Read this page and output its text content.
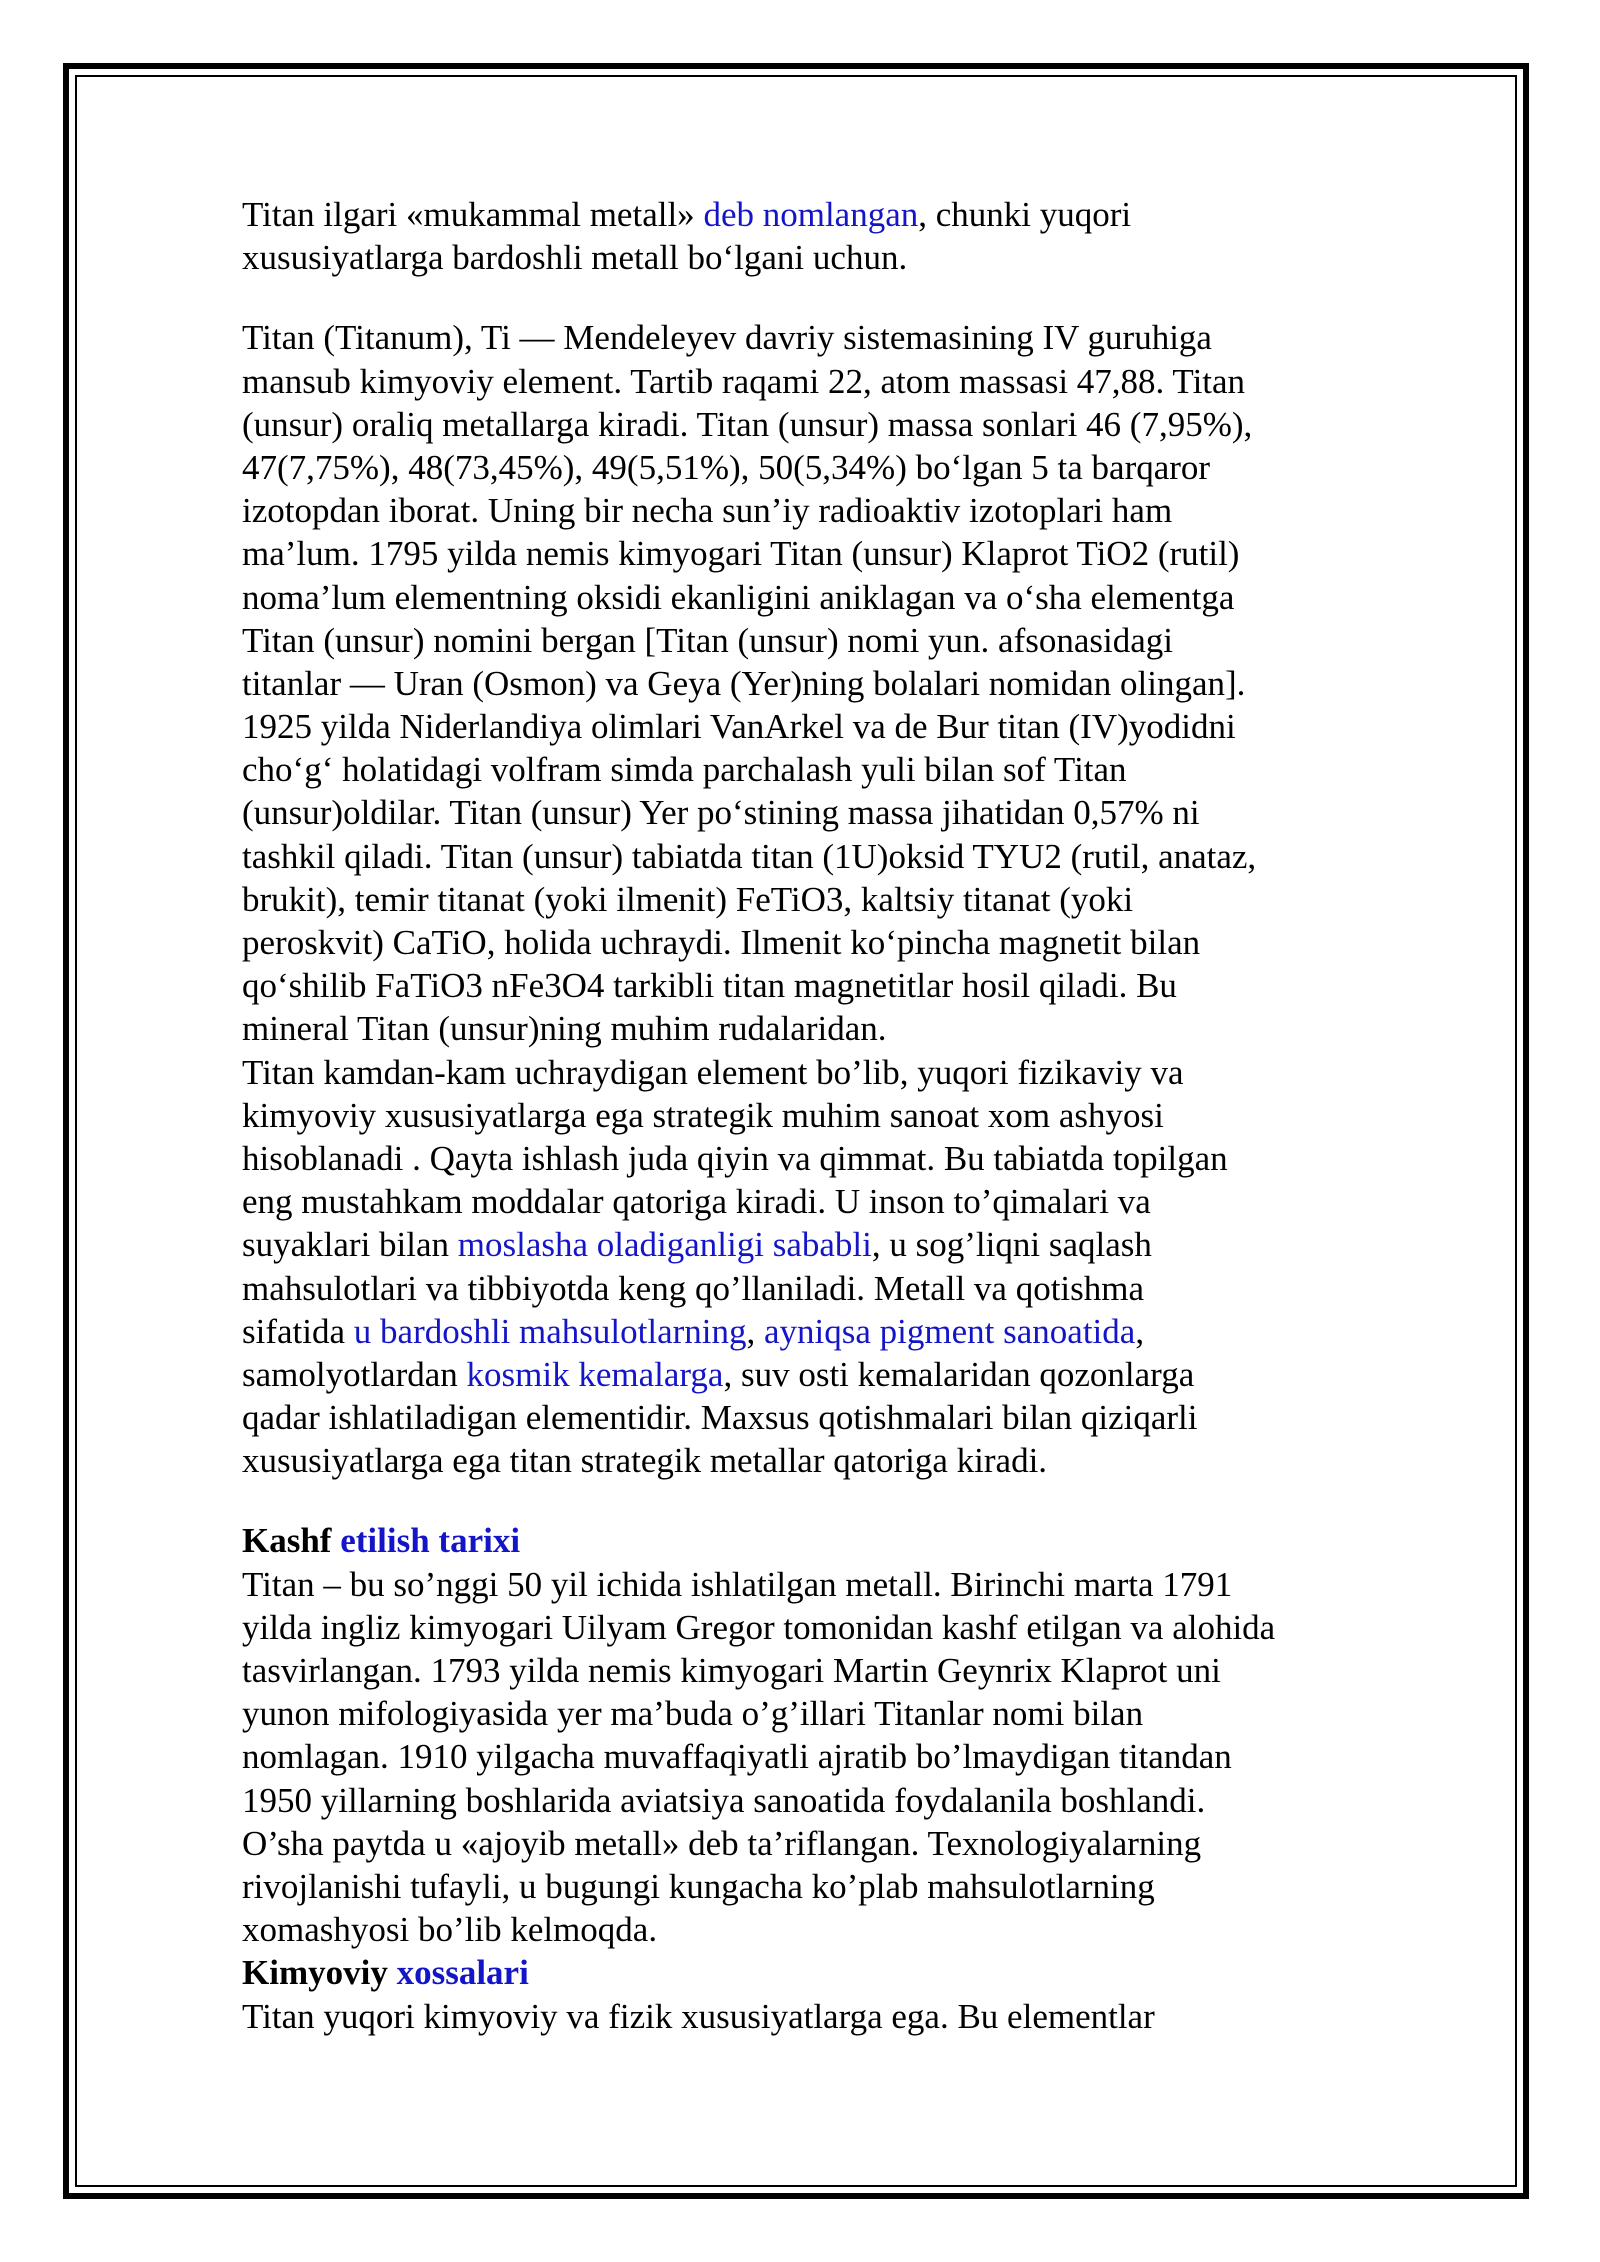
Titan ilgari «mukammal metall» deb nomlangan, chunki yuqori
xususiyatlarga bardoshli metall bo‘lgani uchun.
Titan (Titanum), Ti — Mendeleyev davriy sistemasining IV guruhiga
mansub kimyoviy element. Tartib raqami 22, atom massasi 47,88. Titan
(unsur) oraliq metallarga kiradi. Titan (unsur) massa sonlari 46 (7,95%),
47(7,75%), 48(73,45%), 49(5,51%), 50(5,34%) bo‘lgan 5 ta barqaror
izotopdan iborat. Uning bir necha sun’iy radioaktiv izotoplari ham
ma’lum. 1795 yilda nemis kimyogari Titan (unsur) Klaprot TiO2 (rutil)
noma’lum elementning oksidi ekanligini aniklagan va o‘sha elementga
Titan (unsur) nomini bergan [Titan (unsur) nomi yun. afsonasidagi
titanlar — Uran (Osmon) va Geya (Yer)ning bolalari nomidan olingan].
1925 yilda Niderlandiya olimlari VanArkel va de Bur titan (IV)yodidni
cho‘g‘ holatidagi volfram simda parchalash yuli bilan sof Titan
(unsur)oldilar. Titan (unsur) Yer po‘stining massa jihatidan 0,57% ni
tashkil qiladi. Titan (unsur) tabiatda titan (1U)oksid TYU2 (rutil, anataz,
brukit), temir titanat (yoki ilmenit) FeTiO3, kaltsiy titanat (yoki
peroskvit) CaTiO, holida uchraydi. Ilmenit ko‘pincha magnetit bilan
qo‘shilib FaTiO3 nFe3O4 tarkibli titan magnetitlar hosil qiladi. Bu
mineral Titan (unsur)ning muhim rudalaridan.
Titan kamdan-kam uchraydigan element bo’lib, yuqori fizikaviy va
kimyoviy xususiyatlarga ega strategik muhim sanoat xom ashyosi
hisoblanadi . Qayta ishlash juda qiyin va qimmat. Bu tabiatda topilgan
eng mustahkam moddalar qatoriga kiradi. U inson to’qimalari va
suyaklari bilan moslasha oladiganligi sababli, u sog’liqni saqlash
mahsulotlari va tibbiyotda keng qo’llaniladi. Metall va qotishma
sifatida u bardoshli mahsulotlarning, ayniqsa pigment sanoatida,
samolyotlardan kosmik kemalarga, suv osti kemalaridan qozonlarga
qadar ishlatiladigan elementidir. Maxsus qotishmalari bilan qiziqarli
xususiyatlarga ega titan strategik metallar qatoriga kiradi.
Kashf etilish tarixi
Titan – bu so’nggi 50 yil ichida ishlatilgan metall. Birinchi marta 1791
yilda ingliz kimyogari Uilyam Gregor tomonidan kashf etilgan va alohida
tasvirlangan. 1793 yilda nemis kimyogari Martin Geynrix Klaprot uni
yunon mifologiyasida yer ma’buda o’g’illari Titanlar nomi bilan
nomlagan. 1910 yilgacha muvaffaqiyatli ajratib bo’lmaydigan titandan
1950 yillarning boshlarida aviatsiya sanoatida foydalanila boshlandi.
O’sha paytda u «ajoyib metall» deb ta’riflangan. Texnologiyalarning
rivojlanishi tufayli, u bugungi kungacha ko’plab mahsulotlarning
xomashyosi bo’lib kelmoqda.
Kimyoviy xossalari
Titan yuqori kimyoviy va fizik xususiyatlarga ega. Bu elementlar
